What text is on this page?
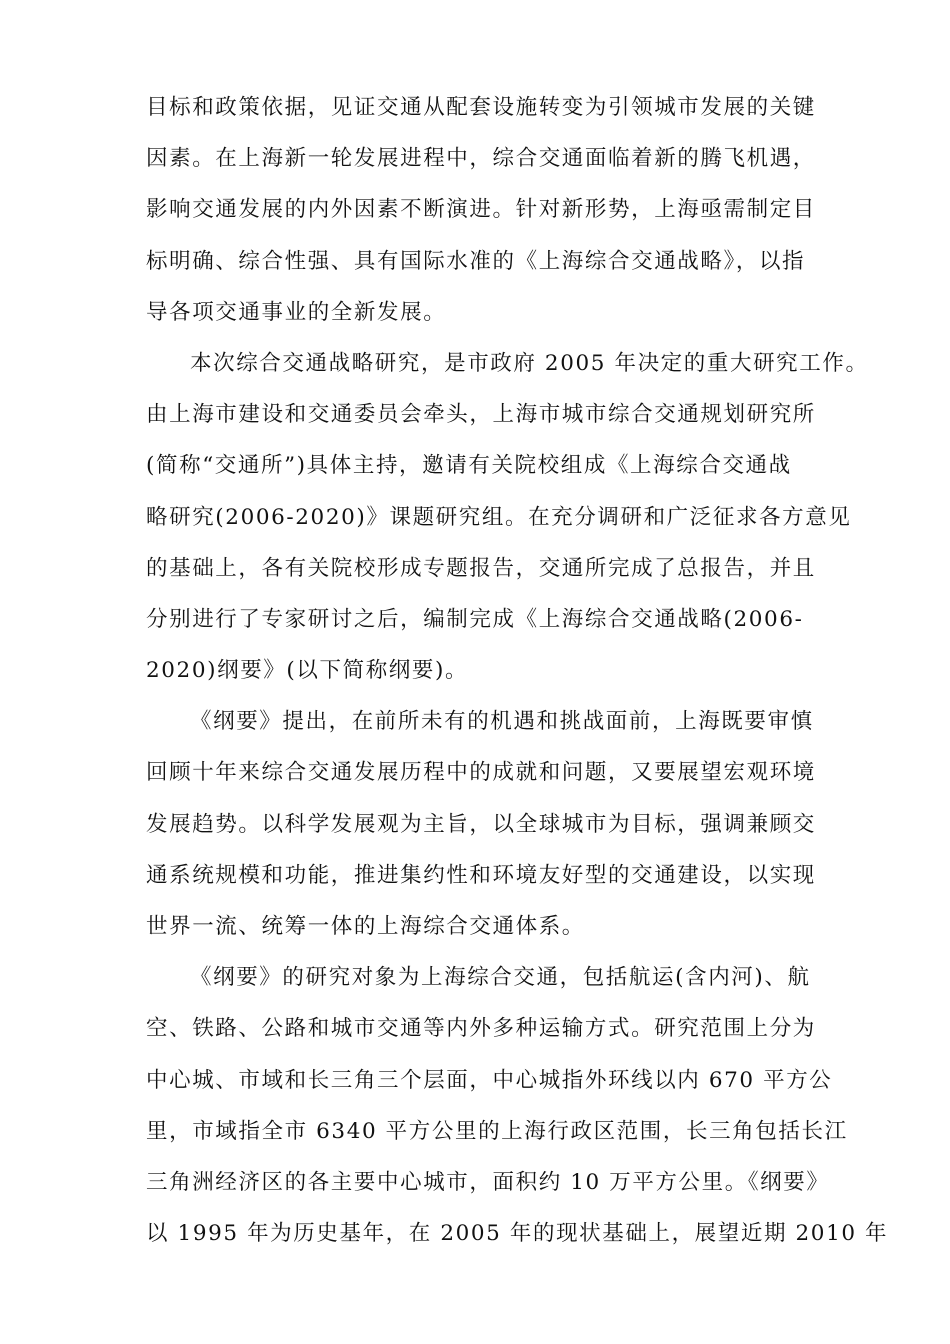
目标和政策依据，见证交通从配套设施转变为引领城市发展的关键
因素。在上海新一轮发展进程中，综合交通面临着新的腾飞机遇，
影响交通发展的内外因素不断演进。针对新形势，上海亟需制定目
标明确、综合性强、具有国际水准的《上海综合交通战略》，以指
导各项交通事业的全新发展。
本次综合交通战略研究，是市政府 2005 年决定的重大研究工作。
由上海市建设和交通委员会牵头，上海市城市综合交通规划研究所
(简称“交通所”)具体主持，邀请有关院校组成《上海综合交通战
略研究(2006-2020)》课题研究组。在充分调研和广泛征求各方意见
的基础上，各有关院校形成专题报告，交通所完成了总报告，并且
分别进行了专家研讨之后，编制完成《上海综合交通战略(2006-
2020)纲要》(以下简称纲要)。
《纲要》提出，在前所未有的机遇和挑战面前，上海既要审慎
回顾十年来综合交通发展历程中的成就和问题，又要展望宏观环境
发展趋势。以科学发展观为主旨，以全球城市为目标，强调兼顾交
通系统规模和功能，推进集约性和环境友好型的交通建设，以实现
世界一流、统筹一体的上海综合交通体系。
《纲要》的研究对象为上海综合交通，包括航运(含内河)、航
空、铁路、公路和城市交通等内外多种运输方式。研究范围上分为
中心城、市域和长三角三个层面，中心城指外环线以内 670 平方公
里，市域指全市 6340 平方公里的上海行政区范围，长三角包括长江
三角洲经济区的各主要中心城市，面积约 10 万平方公里。《纲要》
以 1995 年为历史基年，在 2005 年的现状基础上，展望近期 2010 年
